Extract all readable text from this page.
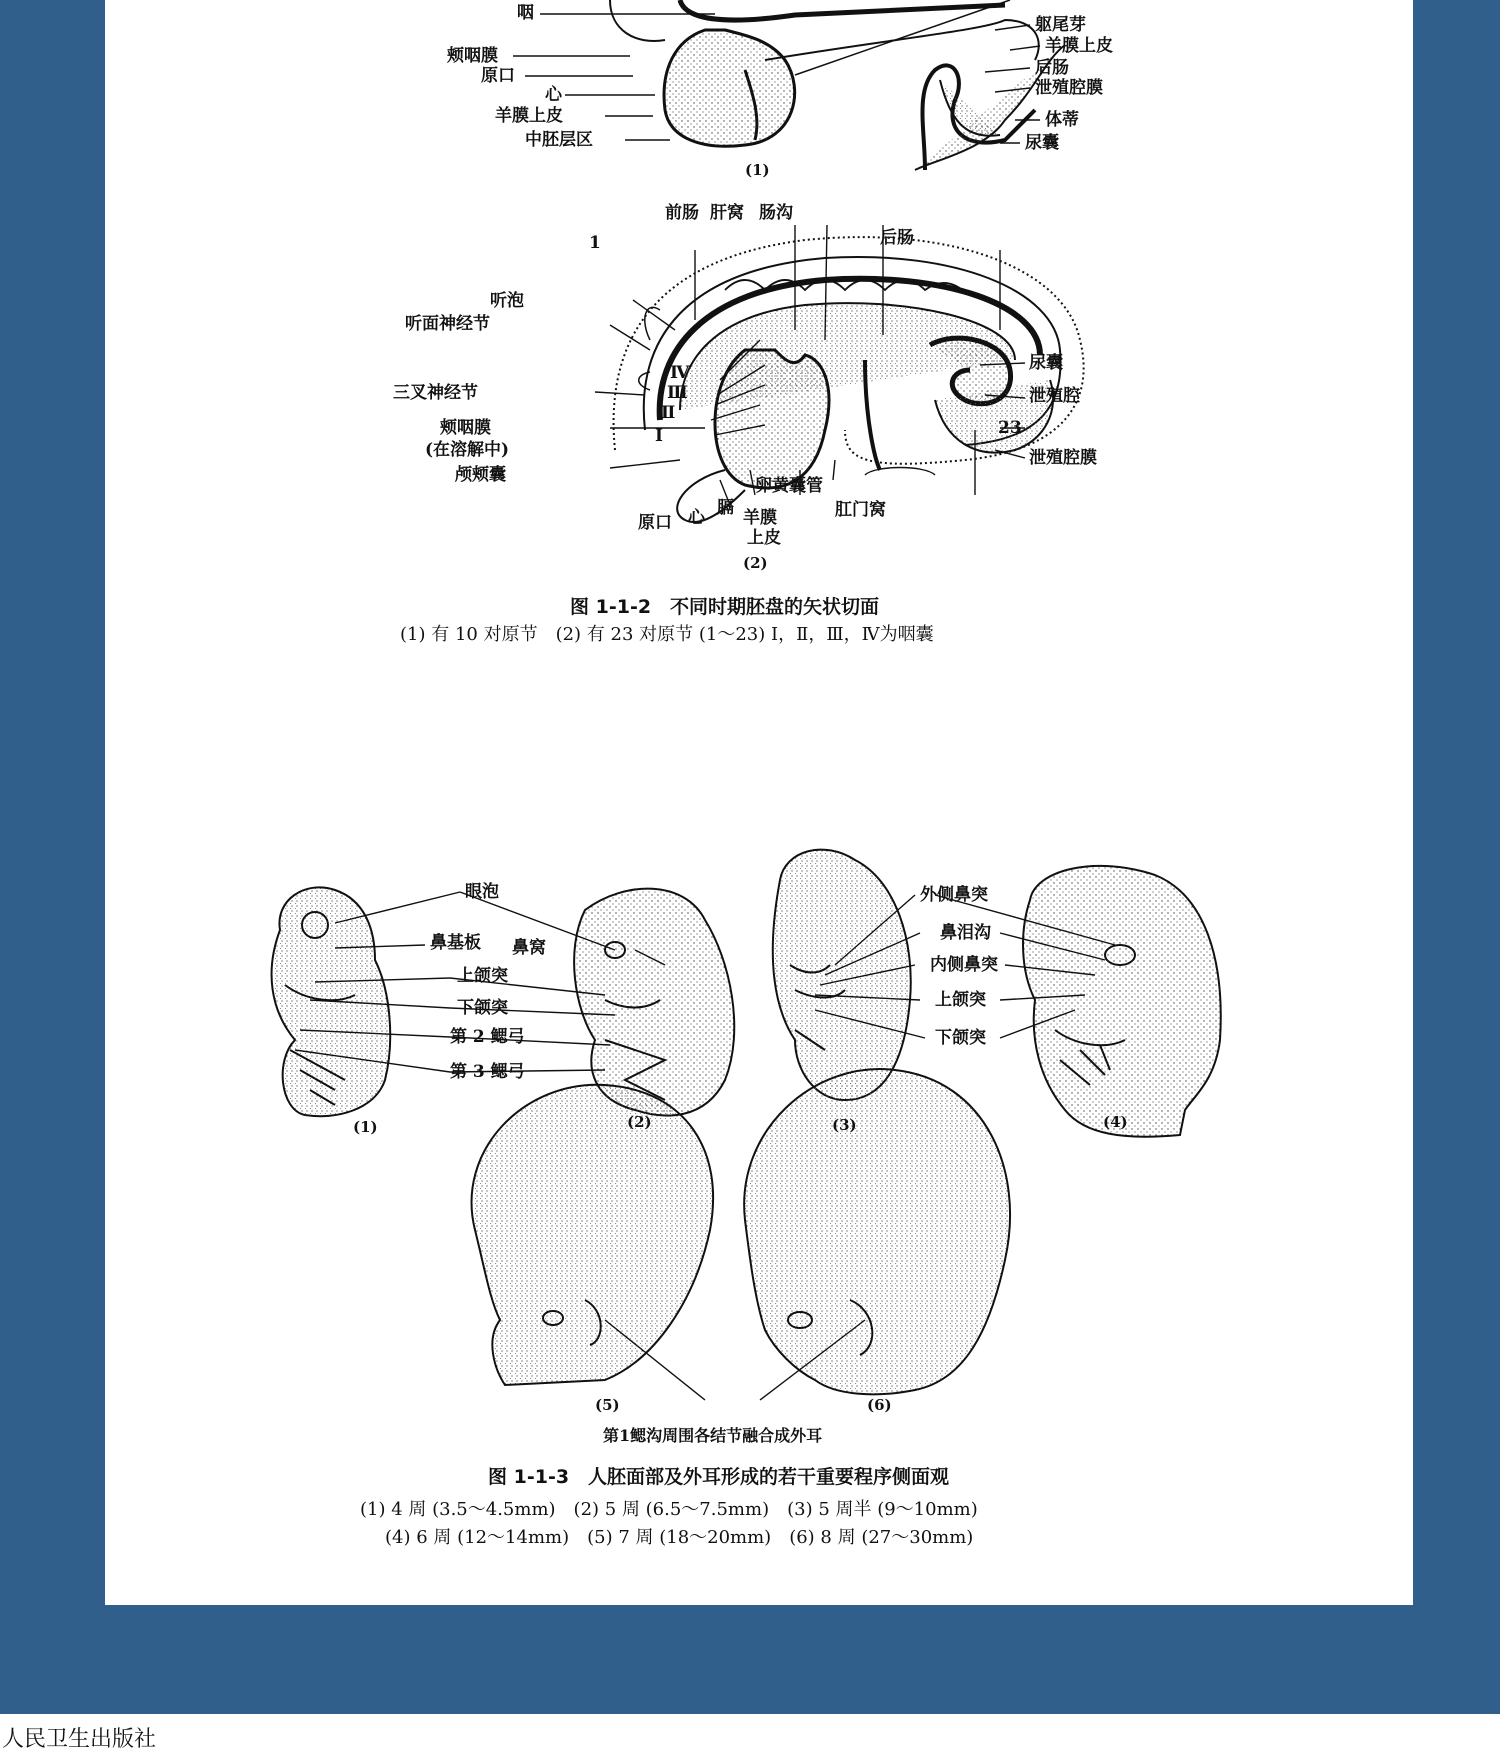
咽
颊咽膜
原口
心
羊膜上皮
中胚层区
躯尾芽
羊膜上皮
后肠
泄殖腔膜
体蒂
尿囊
(1)
前肠 肝窝 肠沟
1	后肠
听泡
听面神经节
尿囊
三叉神经节
Ⅳ
Ⅲ
Ⅱ
Ⅰ
泄殖腔
23
颊咽膜
(在溶解中)	泄殖腔膜
颅颊囊
卵黄囊管
肛门窝
原口 心 膈 羊膜
上皮
(2)
图 1-1-2　不同时期胚盘的矢状切面
(1) 有 10 对原节　(2) 有 23 对原节 (1～23) Ⅰ，Ⅱ，Ⅲ，Ⅳ为咽囊
眼泡
鼻基板 鼻窝
上颌突
下颌突
第 2 鳃弓
第 3 鳃弓
外侧鼻突
鼻泪沟
内侧鼻突
上颌突
下颌突
(1)	(2)	(3)	(4)
(5)	(6)
第1鳃沟周围各结节融合成外耳
图 1-1-3　人胚面部及外耳形成的若干重要程序侧面观
(1) 4 周 (3.5～4.5mm)　(2) 5 周 (6.5～7.5mm)　(3) 5 周半 (9～10mm)
(4) 6 周 (12～14mm)　(5) 7 周 (18～20mm)　(6) 8 周 (27～30mm)
人民卫生出版社
